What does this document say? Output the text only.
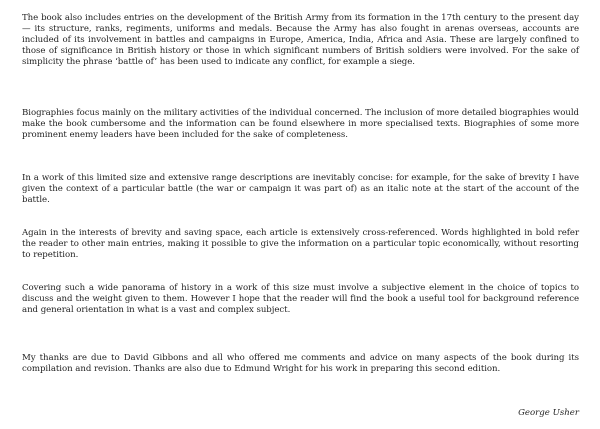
The book also includes entries on the development of the British Army from its formation in the 17th century to the present day — its structure, ranks, regiments, uniforms and medals. Because the Army has also fought in arenas overseas, accounts are included of its involvement in battles and campaigns in Europe, America, India, Africa and Asia. These are largely confined to those of significance in British history or those in which significant numbers of British soldiers were involved. For the sake of simplicity the phrase ‘battle of’ has been used to indicate any conflict, for example a siege.

Biographies focus mainly on the military activities of the individual concerned. The inclusion of more detailed biographies would make the book cumbersome and the information can be found elsewhere in more specialised texts. Biographies of some more prominent enemy leaders have been included for the sake of completeness.

In a work of this limited size and extensive range descriptions are inevitably concise: for example, for the sake of brevity I have given the context of a particular battle (the war or campaign it was part of) as an italic note at the start of the account of the battle.

Again in the interests of brevity and saving space, each article is extensively cross-referenced. Words highlighted in bold refer the reader to other main entries, making it possible to give the information on a particular topic economically, without resorting to repetition.

Covering such a wide panorama of history in a work of this size must involve a subjective element in the choice of topics to discuss and the weight given to them. However I hope that the reader will find the book a useful tool for background reference and general orientation in what is a vast and complex subject.

My thanks are due to David Gibbons and all who offered me comments and advice on many aspects of the book during its compilation and revision. Thanks are also due to Edmund Wright for his work in preparing this second edition.

George Usher
